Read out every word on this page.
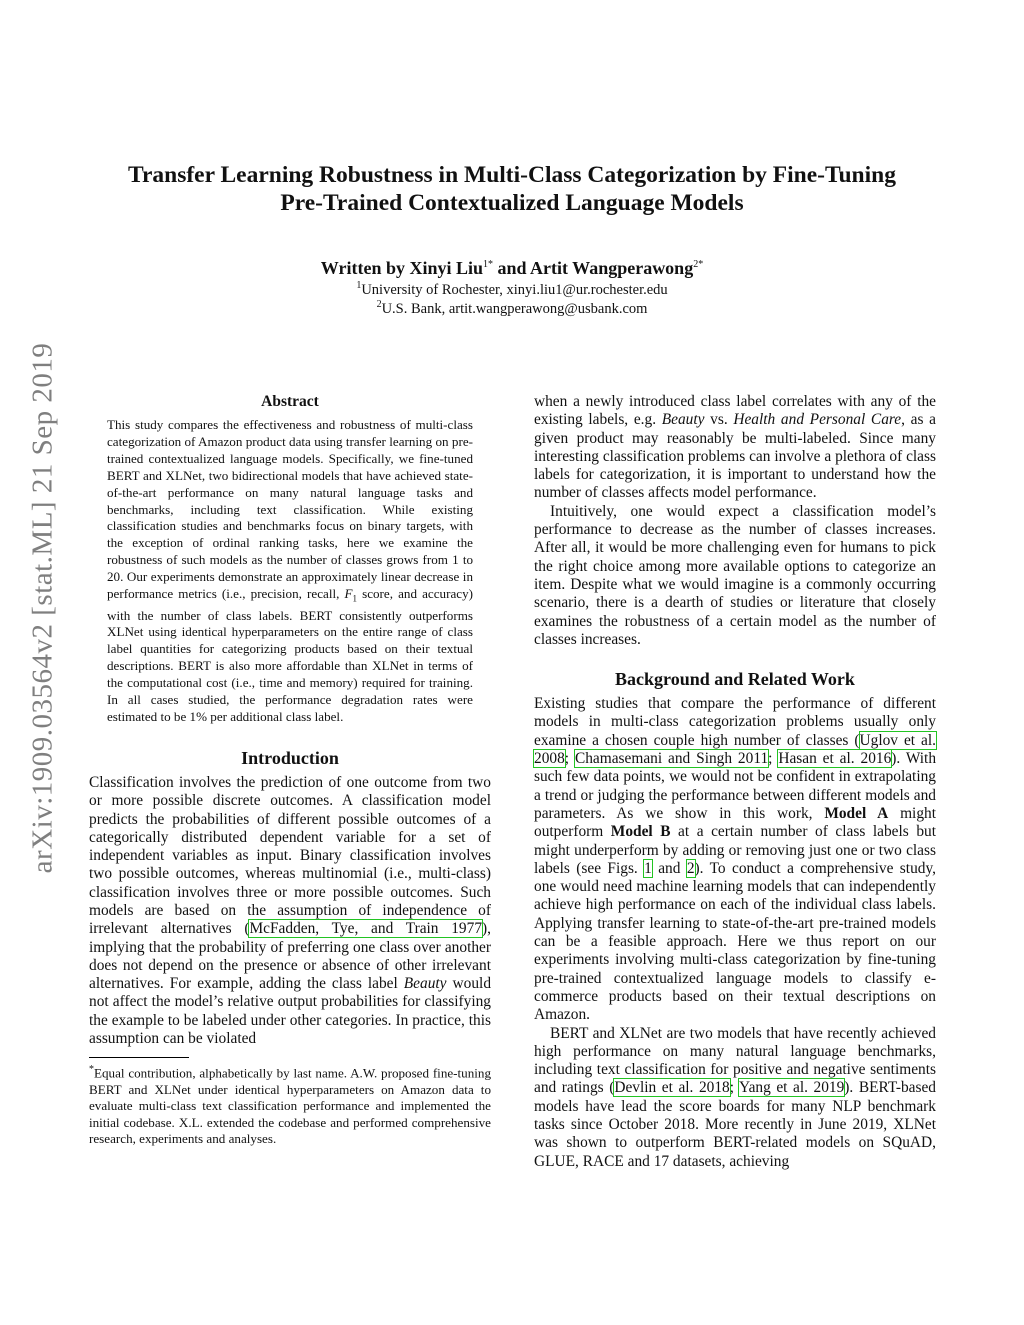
arXiv:1909.03564v2 [stat.ML] 21 Sep 2019
Transfer Learning Robustness in Multi-Class Categorization by Fine-Tuning
Pre-Trained Contextualized Language Models
Written by Xinyi Liu$^{1*}$ and Artit Wangperawong$^{2*}$
$^1$University of Rochester, xinyi.liu1@ur.rochester.edu
$^2$U.S. Bank, artit.wangperawong@usbank.com
Abstract
This study compares the effectiveness and robustness of multi-class categorization of Amazon product data using transfer learning on pre-trained contextualized language models. Specifically, we fine-tuned BERT and XLNet, two bidirectional models that have achieved state-of-the-art performance on many natural language tasks and benchmarks, including text classification. While existing classification studies and benchmarks focus on binary targets, with the exception of ordinal ranking tasks, here we examine the robustness of such models as the number of classes grows from 1 to 20. Our experiments demonstrate an approximately linear decrease in performance metrics (i.e., precision, recall, $F_1$ score, and accuracy) with the number of class labels. BERT consistently outperforms XLNet using identical hyperparameters on the entire range of class label quantities for categorizing products based on their textual descriptions. BERT is also more affordable than XLNet in terms of the computational cost (i.e., time and memory) required for training. In all cases studied, the performance degradation rates were estimated to be 1% per additional class label.
Introduction

Classification involves the prediction of one outcome from two or more possible discrete outcomes. A classification model predicts the probabilities of different possible outcomes of a categorically distributed dependent variable for a set of independent variables as input. Binary classification involves two possible outcomes, whereas multinomial (i.e., multi-class) classification involves three or more possible outcomes. Such models are based on the assumption of independence of irrelevant alternatives (McFadden, Tye, and Train 1977), implying that the probability of preferring one class over another does not depend on the presence or absence of other irrelevant alternatives. For example, adding the class label Beauty would not affect the model’s relative output probabilities for classifying the example to be labeled under other categories. In practice, this assumption can be violated

*Equal contribution, alphabetically by last name. A.W. proposed fine-tuning BERT and XLNet under identical hyperparameters on Amazon data to evaluate multi-class text classification performance and implemented the initial codebase. X.L. extended the codebase and performed comprehensive research, experiments and analyses.

when a newly introduced class label correlates with any of the existing labels, e.g. Beauty vs. Health and Personal Care, as a given product may reasonably be multi-labeled. Since many interesting classification problems can involve a plethora of class labels for categorization, it is important to understand how the number of classes affects model performance.

Intuitively, one would expect a classification model’s performance to decrease as the number of classes increases. After all, it would be more challenging even for humans to pick the right choice among more available options to categorize an item. Despite what we would imagine is a commonly occurring scenario, there is a dearth of studies or literature that closely examines the robustness of a certain model as the number of classes increases.

Background and Related Work

Existing studies that compare the performance of different models in multi-class categorization problems usually only examine a chosen couple high number of classes (Uglov et al. 2008; Chamasemani and Singh 2011; Hasan et al. 2016). With such few data points, we would not be confident in extrapolating a trend or judging the performance between different models and parameters. As we show in this work, Model A might outperform Model B at a certain number of class labels but might underperform by adding or removing just one or two class labels (see Figs. 1 and 2). To conduct a comprehensive study, one would need machine learning models that can independently achieve high performance on each of the individual class labels. Applying transfer learning to state-of-the-art pre-trained models can be a feasible approach. Here we thus report on our experiments involving multi-class categorization by fine-tuning pre-trained contextualized language models to classify e-commerce products based on their textual descriptions on Amazon.

BERT and XLNet are two models that have recently achieved high performance on many natural language benchmarks, including text classification for positive and negative sentiments and ratings (Devlin et al. 2018; Yang et al. 2019). BERT-based models have lead the score boards for many NLP benchmark tasks since October 2018. More recently in June 2019, XLNet was shown to outperform BERT-related models on SQuAD, GLUE, RACE and 17 datasets, achieving
